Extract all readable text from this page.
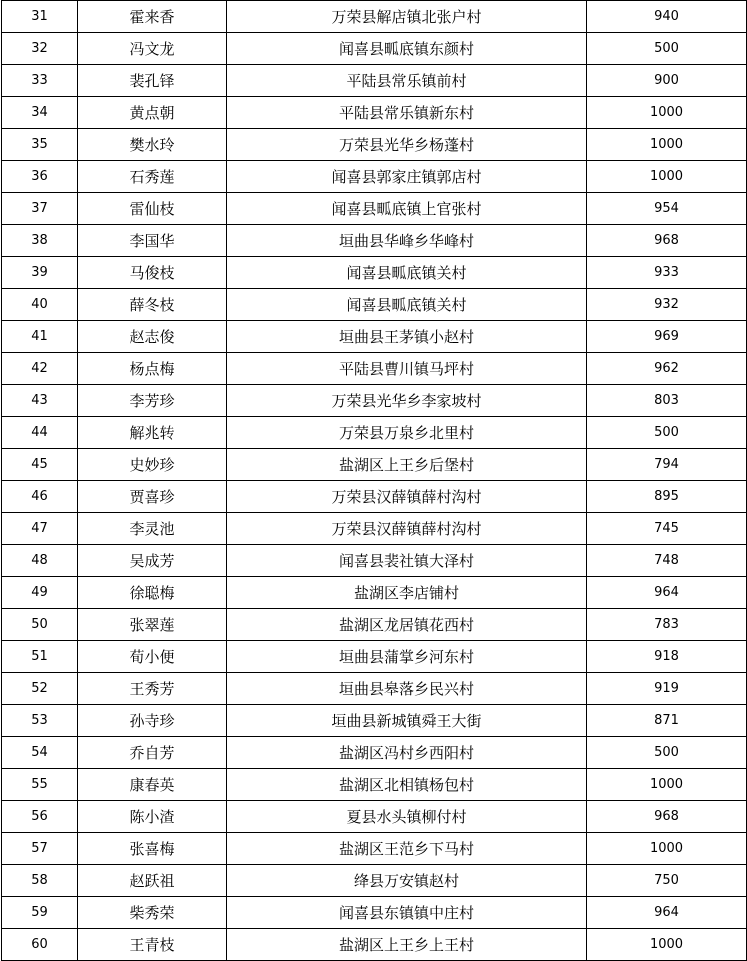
31	霍来香	万荣县解店镇北张户村	940
32	冯文龙	闻喜县畖底镇东颜村	500
33	裴孔铎	平陆县常乐镇前村	900
34	黄点朝	平陆县常乐镇新东村	1000
35	樊水玲	万荣县光华乡杨蓬村	1000
36	石秀莲	闻喜县郭家庄镇郭店村	1000
37	雷仙枝	闻喜县畖底镇上官张村	954
38	李国华	垣曲县华峰乡华峰村	968
39	马俊枝	闻喜县畖底镇关村	933
40	薛冬枝	闻喜县畖底镇关村	932
41	赵志俊	垣曲县王茅镇小赵村	969
42	杨点梅	平陆县曹川镇马坪村	962
43	李芳珍	万荣县光华乡李家坡村	803
44	解兆转	万荣县万泉乡北里村	500
45	史妙珍	盐湖区上王乡后堡村	794
46	贾喜珍	万荣县汉薛镇薛村沟村	895
47	李灵池	万荣县汉薛镇薛村沟村	745
48	吴成芳	闻喜县裴社镇大泽村	748
49	徐聪梅	盐湖区李店铺村	964
50	张翠莲	盐湖区龙居镇花西村	783
51	荀小便	垣曲县蒲掌乡河东村	918
52	王秀芳	垣曲县皋落乡民兴村	919
53	孙寺珍	垣曲县新城镇舜王大街	871
54	乔自芳	盐湖区冯村乡西阳村	500
55	康春英	盐湖区北相镇杨包村	1000
56	陈小渣	夏县水头镇柳付村	968
57	张喜梅	盐湖区王范乡下马村	1000
58	赵跃祖	绛县万安镇赵村	750
59	柴秀荣	闻喜县东镇镇中庄村	964
60	王青枝	盐湖区上王乡上王村	1000
